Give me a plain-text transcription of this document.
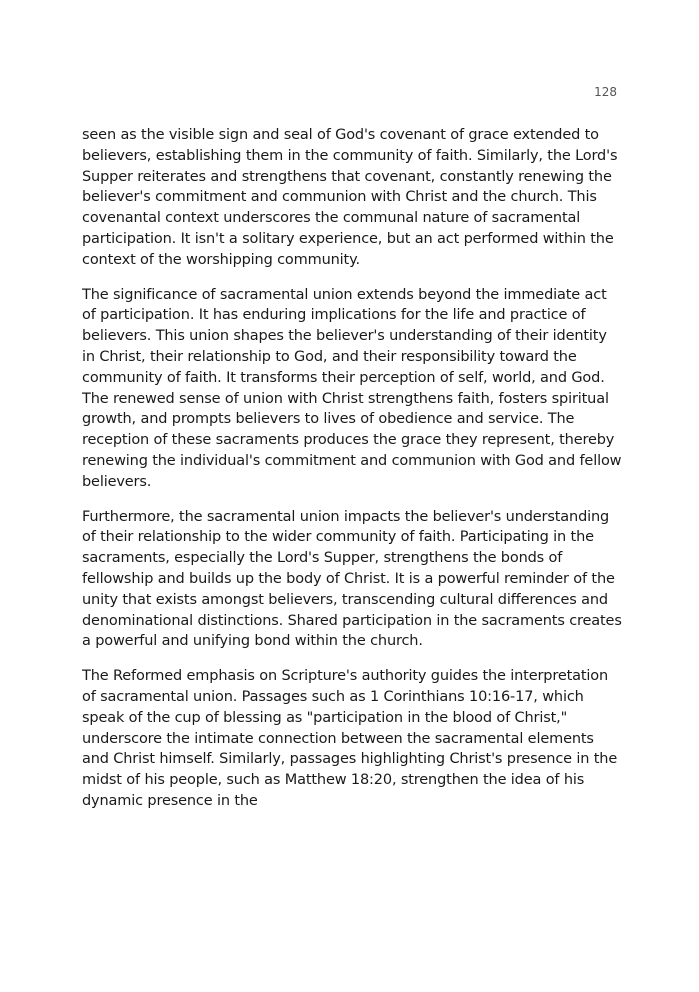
128

seen as the visible sign and seal of God's covenant of grace extended to believers, establishing them in the community of faith. Similarly, the Lord's Supper reiterates and strengthens that covenant, constantly renewing the believer's commitment and communion with Christ and the church. This covenantal context underscores the communal nature of sacramental participation. It isn't a solitary experience, but an act performed within the context of the worshipping community.

The significance of sacramental union extends beyond the immediate act of participation. It has enduring implications for the life and practice of believers. This union shapes the believer's understanding of their identity in Christ, their relationship to God, and their responsibility toward the community of faith. It transforms their perception of self, world, and God. The renewed sense of union with Christ strengthens faith, fosters spiritual growth, and prompts believers to lives of obedience and service. The reception of these sacraments produces the grace they represent, thereby renewing the individual's commitment and communion with God and fellow believers.

Furthermore, the sacramental union impacts the believer's understanding of their relationship to the wider community of faith. Participating in the sacraments, especially the Lord's Supper, strengthens the bonds of fellowship and builds up the body of Christ. It is a powerful reminder of the unity that exists amongst believers, transcending cultural differences and denominational distinctions. Shared participation in the sacraments creates a powerful and unifying bond within the church.

The Reformed emphasis on Scripture's authority guides the interpretation of sacramental union. Passages such as 1 Corinthians 10:16-17, which speak of the cup of blessing as "participation in the blood of Christ," underscore the intimate connection between the sacramental elements and Christ himself. Similarly, passages highlighting Christ's presence in the midst of his people, such as Matthew 18:20, strengthen the idea of his dynamic presence in the
